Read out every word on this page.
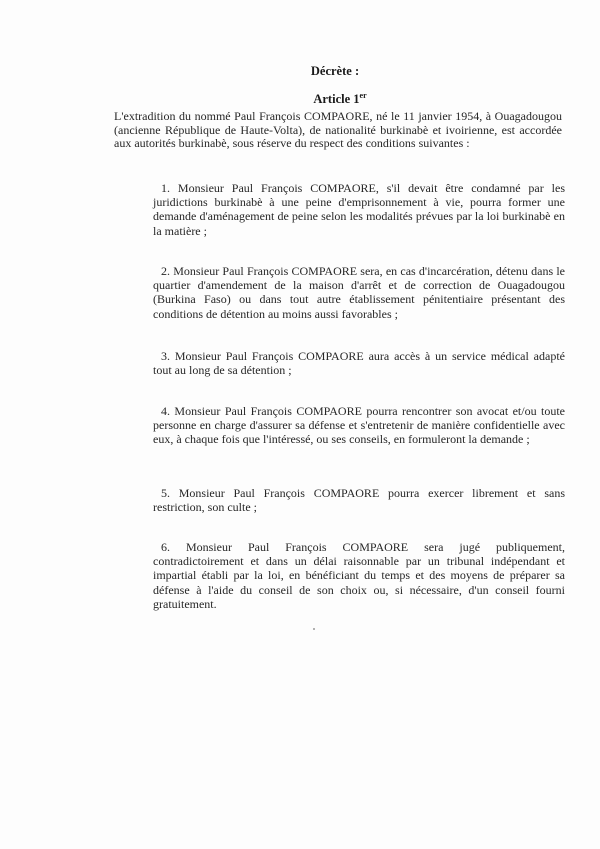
Décrète :
Article 1er

L'extradition du nommé Paul François COMPAORE, né le 11 janvier 1954, à Ouagadougou (ancienne République de Haute-Volta), de nationalité burkinabè et ivoirienne, est accordée aux autorités burkinabè, sous réserve du respect des conditions suivantes :

1. Monsieur Paul François COMPAORE, s'il devait être condamné par les juridictions burkinabè à une peine d'emprisonnement à vie, pourra former une demande d'aménagement de peine selon les modalités prévues par la loi burkinabè en la matière ;

2. Monsieur Paul François COMPAORE sera, en cas d'incarcération, détenu dans le quartier d'amendement de la maison d'arrêt et de correction de Ouagadougou (Burkina Faso) ou dans tout autre établissement pénitentiaire présentant des conditions de détention au moins aussi favorables ;

3. Monsieur Paul François COMPAORE aura accès à un service médical adapté tout au long de sa détention ;

4. Monsieur Paul François COMPAORE pourra rencontrer son avocat et/ou toute personne en charge d'assurer sa défense et s'entretenir de manière confidentielle avec eux, à chaque fois que l'intéressé, ou ses conseils, en formuleront la demande ;

5. Monsieur Paul François COMPAORE pourra exercer librement et sans restriction, son culte ;

6. Monsieur Paul François COMPAORE sera jugé publiquement, contradictoirement et dans un délai raisonnable par un tribunal indépendant et impartial établi par la loi, en bénéficiant du temps et des moyens de préparer sa défense à l'aide du conseil de son choix ou, si nécessaire, d'un conseil fourni gratuitement.
